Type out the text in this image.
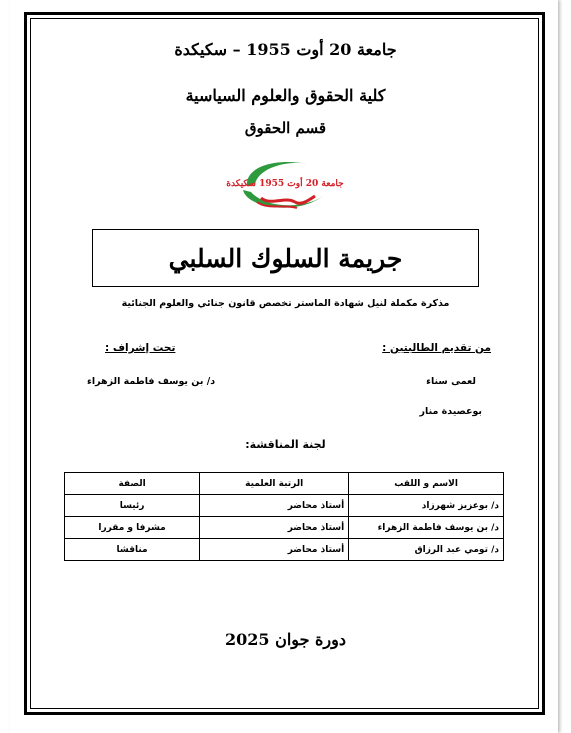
جامعة 20 أوت 1955 – سكيكدة
كلية الحقوق والعلوم السياسية
قسم الحقوق
جامعة 20 أوت 1955 سكيكدة
جريمة السلوك السلبي
مذكرة مكملة لنيل شهادة الماستر تخصص قانون جنائي والعلوم الجنائية
من تقديم الطالبتين :
تحت إشراف :
لعمى سناء
د/ بن يوسف فاطمة الزهراء
بوعصيدة منار
لجنة المناقشة:
الاسم و اللقب	الرتبة العلمية	الصفة
د/ بوعزيز شهرزاد	أستاذ محاضر	رئيسا
د/ بن يوسف فاطمة الزهراء	أستاذ محاضر	مشرفا و مقررا
د/ تومي عبد الرزاق	أستاذ محاضر	مناقشا
دورة جوان 2025
